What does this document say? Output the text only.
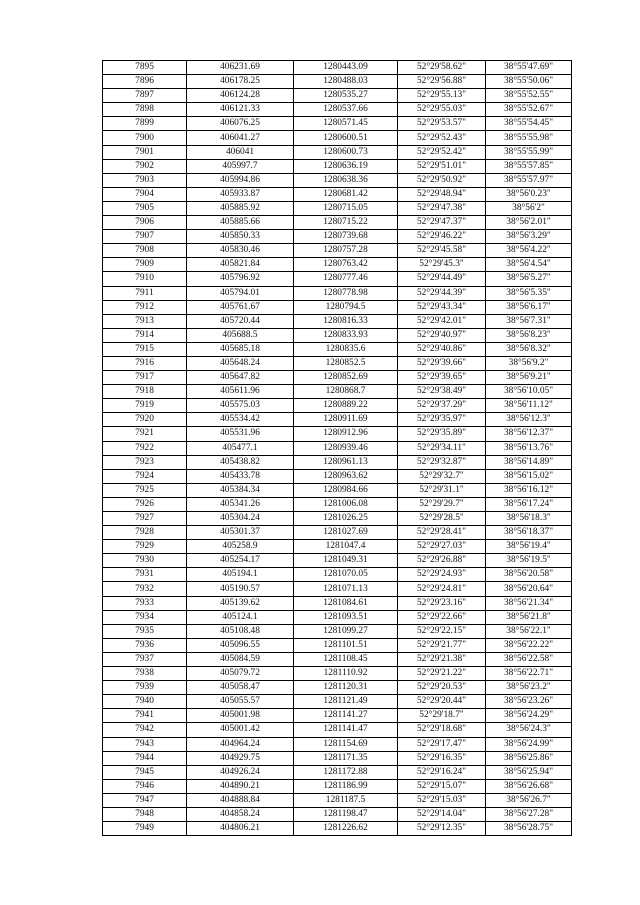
7895	406231.69	1280443.09	52°29'58.62"	38°55'47.69"
7896	406178.25	1280488.03	52°29'56.88"	38°55'50.06"
7897	406124.28	1280535.27	52°29'55.13"	38°55'52.55"
7898	406121.33	1280537.66	52°29'55.03"	38°55'52.67"
7899	406076.25	1280571.45	52°29'53.57"	38°55'54.45"
7900	406041.27	1280600.51	52°29'52.43"	38°55'55.98"
7901	406041	1280600.73	52°29'52.42"	38°55'55.99"
7902	405997.7	1280636.19	52°29'51.01"	38°55'57.85"
7903	405994.86	1280638.36	52°29'50.92"	38°55'57.97"
7904	405933.87	1280681.42	52°29'48.94"	38°56'0.23"
7905	405885.92	1280715.05	52°29'47.38"	38°56'2"
7906	405885.66	1280715.22	52°29'47.37"	38°56'2.01"
7907	405850.33	1280739.68	52°29'46.22"	38°56'3.29"
7908	405830.46	1280757.28	52°29'45.58"	38°56'4.22"
7909	405821.84	1280763.42	52°29'45.3"	38°56'4.54"
7910	405796.92	1280777.46	52°29'44.49"	38°56'5.27"
7911	405794.01	1280778.98	52°29'44.39"	38°56'5.35"
7912	405761.67	1280794.5	52°29'43.34"	38°56'6.17"
7913	405720.44	1280816.33	52°29'42.01"	38°56'7.31"
7914	405688.5	1280833.93	52°29'40.97"	38°56'8.23"
7915	405685.18	1280835.6	52°29'40.86"	38°56'8.32"
7916	405648.24	1280852.5	52°29'39.66"	38°56'9.2"
7917	405647.82	1280852.69	52°29'39.65"	38°56'9.21"
7918	405611.96	1280868.7	52°29'38.49"	38°56'10.05"
7919	405575.03	1280889.22	52°29'37.29"	38°56'11.12"
7920	405534.42	1280911.69	52°29'35.97"	38°56'12.3"
7921	405531.96	1280912.96	52°29'35.89"	38°56'12.37"
7922	405477.1	1280939.46	52°29'34.11"	38°56'13.76"
7923	405438.82	1280961.13	52°29'32.87"	38°56'14.89"
7924	405433.78	1280963.62	52°29'32.7"	38°56'15.02"
7925	405384.34	1280984.66	52°29'31.1"	38°56'16.12"
7926	405341.26	1281006.08	52°29'29.7"	38°56'17.24"
7927	405304.24	1281026.25	52°29'28.5"	38°56'18.3"
7928	405301.37	1281027.69	52°29'28.41"	38°56'18.37"
7929	405258.9	1281047.4	52°29'27.03"	38°56'19.4"
7930	405254.17	1281049.31	52°29'26.88"	38°56'19.5"
7931	405194.1	1281070.05	52°29'24.93"	38°56'20.58"
7932	405190.57	1281071.13	52°29'24.81"	38°56'20.64"
7933	405139.62	1281084.61	52°29'23.16"	38°56'21.34"
7934	405124.1	1281093.51	52°29'22.66"	38°56'21.8"
7935	405108.48	1281099.27	52°29'22.15"	38°56'22.1"
7936	405096.55	1281101.51	52°29'21.77"	38°56'22.22"
7937	405084.59	1281108.45	52°29'21.38"	38°56'22.58"
7938	405079.72	1281110.92	52°29'21.22"	38°56'22.71"
7939	405058.47	1281120.31	52°29'20.53"	38°56'23.2"
7940	405055.57	1281121.49	52°29'20.44"	38°56'23.26"
7941	405001.98	1281141.27	52°29'18.7"	38°56'24.29"
7942	405001.42	1281141.47	52°29'18.68"	38°56'24.3"
7943	404964.24	1281154.69	52°29'17.47"	38°56'24.99"
7944	404929.75	1281171.35	52°29'16.35"	38°56'25.86"
7945	404926.24	1281172.88	52°29'16.24"	38°56'25.94"
7946	404890.21	1281186.99	52°29'15.07"	38°56'26.68"
7947	404888.84	1281187.5	52°29'15.03"	38°56'26.7"
7948	404858.24	1281198.47	52°29'14.04"	38°56'27.28"
7949	404806.21	1281226.62	52°29'12.35"	38°56'28.75"
